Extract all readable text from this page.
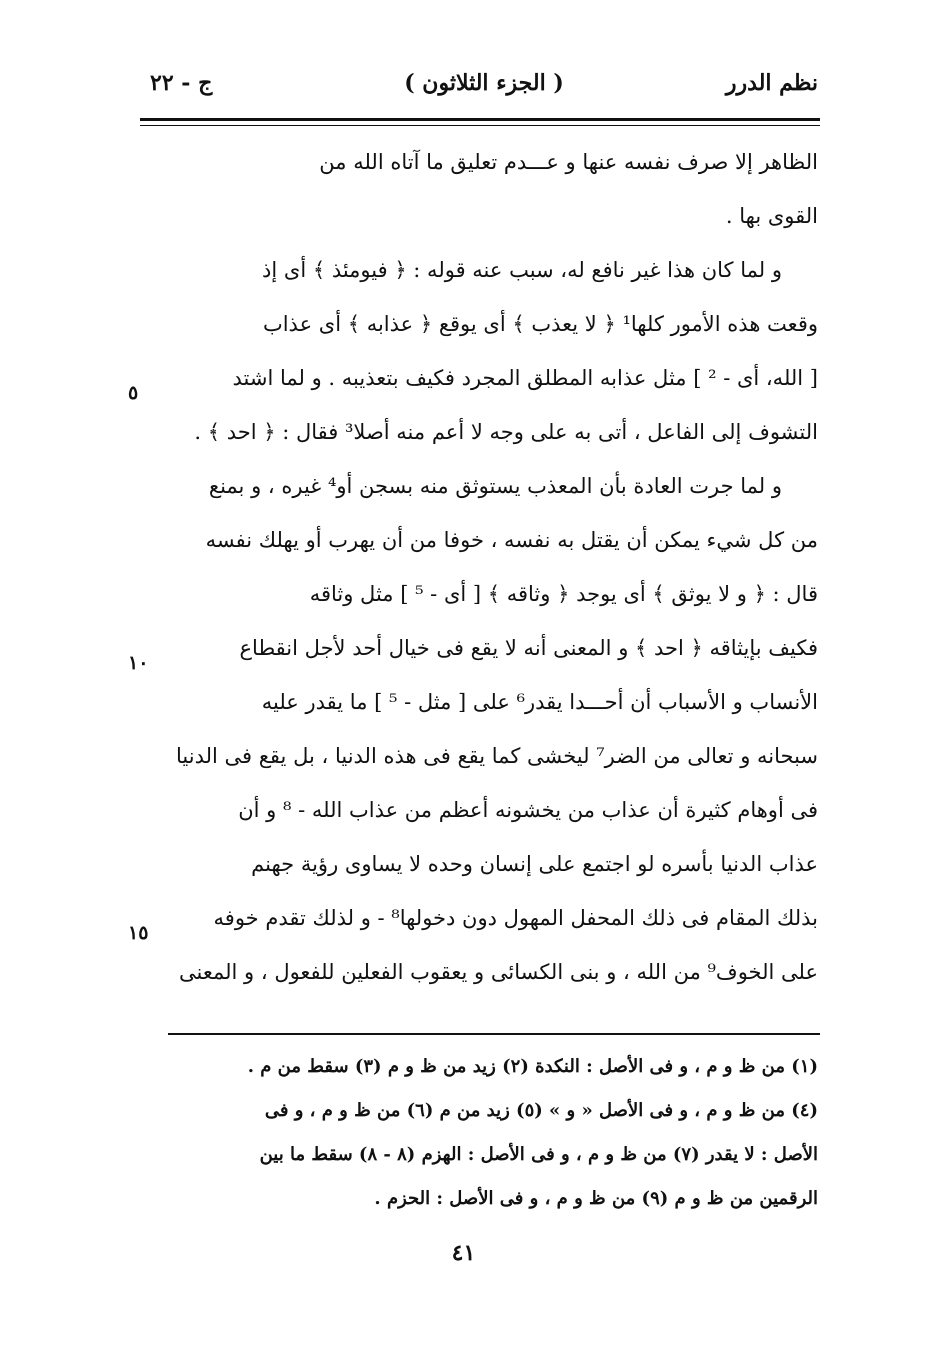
نظم الدرر
( الجزء الثلاثون )
ج - ٢٢
الظاهر إلا صرف نفسه عنها و عـــدم تعليق ما آتاه الله من
القوى بها .
و لما كان هذا غير نافع له، سبب عنه قوله : ﴿ فيومئذ ﴾ أى إذ
وقعت هذه الأمور كلها¹ ﴿ لا يعذب ﴾ أى يوقع ﴿ عذابه ﴾ أى عذاب
[ الله، أى - ² ] مثل عذابه المطلق المجرد فكيف بتعذيبه . و لما اشتد
التشوف إلى الفاعل ، أتى به على وجه لا أعم منه أصلا³ فقال : ﴿ احد ﴾ .
و لما جرت العادة بأن المعذب يستوثق منه بسجن أو⁴ غيره ، و بمنع
من كل شيء يمكن أن يقتل به نفسه ، خوفا من أن يهرب أو يهلك نفسه
قال : ﴿ و لا يوثق ﴾ أى يوجد ﴿ وثاقه ﴾ [ أى - ⁵ ] مثل وثاقه
فكيف بإيثاقه ﴿ احد ﴾ و المعنى أنه لا يقع فى خيال أحد لأجل انقطاع
الأنساب و الأسباب أن أحـــدا يقدر⁶ على [ مثل - ⁵ ] ما يقدر عليه
سبحانه و تعالى من الضر⁷ ليخشى كما يقع فى هذه الدنيا ، بل يقع فى الدنيا
فى أوهام كثيرة أن عذاب من يخشونه أعظم من عذاب الله - ⁸ و أن
عذاب الدنيا بأسره لو اجتمع على إنسان وحده لا يساوى رؤية جهنم
بذلك المقام فى ذلك المحفل المهول دون دخولها⁸ - و لذلك تقدم خوفه
على الخوف⁹ من الله ، و بنى الكسائى و يعقوب الفعلين للفعول ، و المعنى
٥
١٠
١٥
(١) من ظ و م ، و فى الأصل : النكدة (٢) زيد من ظ و م (٣) سقط من م .
(٤) من ظ و م ، و فى الأصل « و » (٥) زيد من م (٦) من ظ و م ، و فى
الأصل : لا يقدر (٧) من ظ و م ، و فى الأصل : الهزم (٨ - ٨) سقط ما بين
الرقمين من ظ و م (٩) من ظ و م ، و فى الأصل : الحزم .
٤١
